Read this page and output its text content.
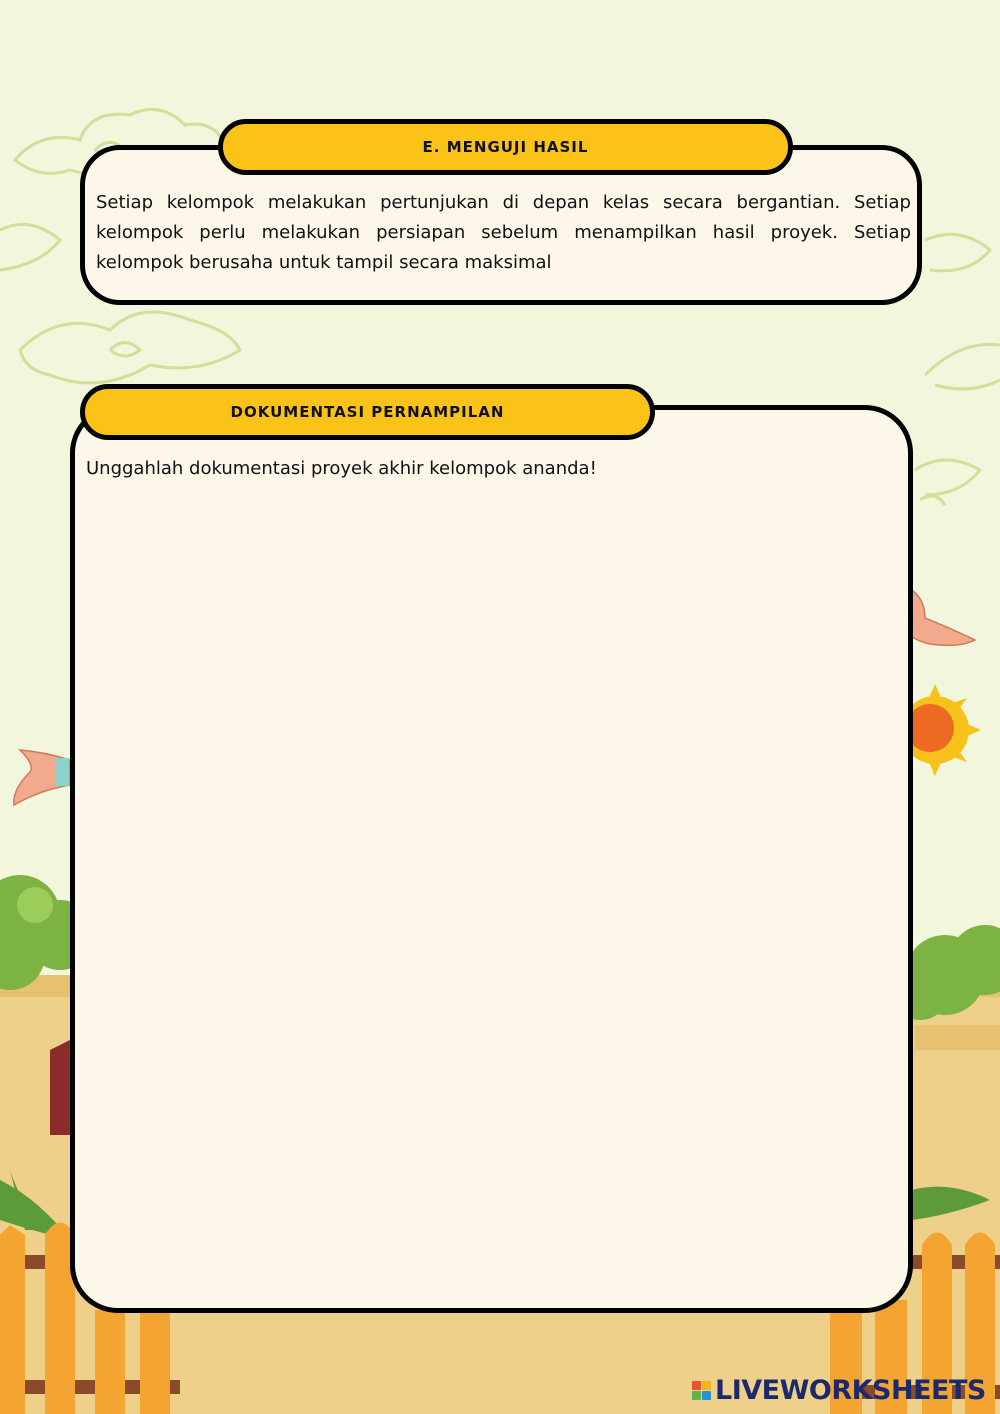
Setiap kelompok melakukan pertunjukan di depan kelas secara bergantian. Setiap kelompok perlu melakukan persiapan sebelum menampilkan hasil proyek. Setiap kelompok berusaha untuk tampil secara maksimal
E. MENGUJI HASIL
Unggahlah dokumentasi proyek akhir kelompok ananda!
DOKUMENTASI PERNAMPILAN
LIVEWORKSHEETS
